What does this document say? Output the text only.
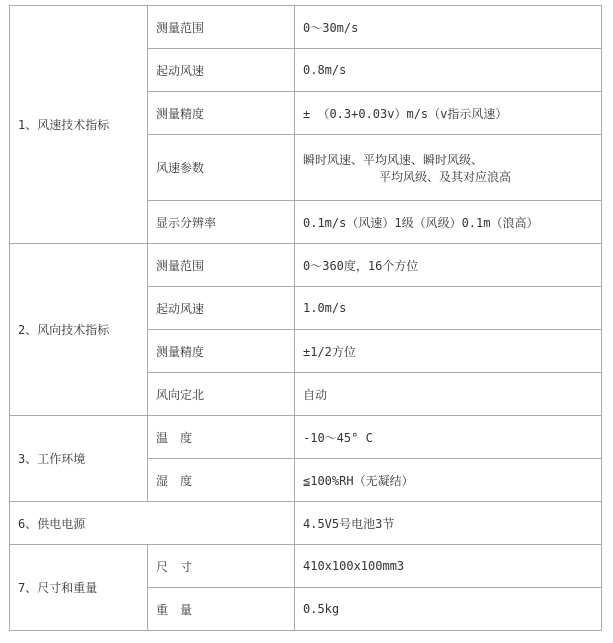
1、风速技术指标	测量范围	0～30m/s
	起动风速	0.8m/s
	测量精度	± （0.3+0.03v）m/s（v指示风速）
	风速参数	瞬时风速、平均风速、瞬时风级、
平均风级、及其对应浪高

	显示分辨率	0.1m/s（风速）1级（风级）0.1m（浪高）
2、风向技术指标	测量范围	0～360度，16个方位
	起动风速	1.0m/s
	测量精度	±1/2方位
	风向定北	自动
3、工作环境	温　度	-10～45° C
	湿　度	≦100%RH（无凝结）
6、供电电源		4.5V5号电池3节
7、尺寸和重量	尺　寸	410x100x100mm3
	重　量	0.5kg
